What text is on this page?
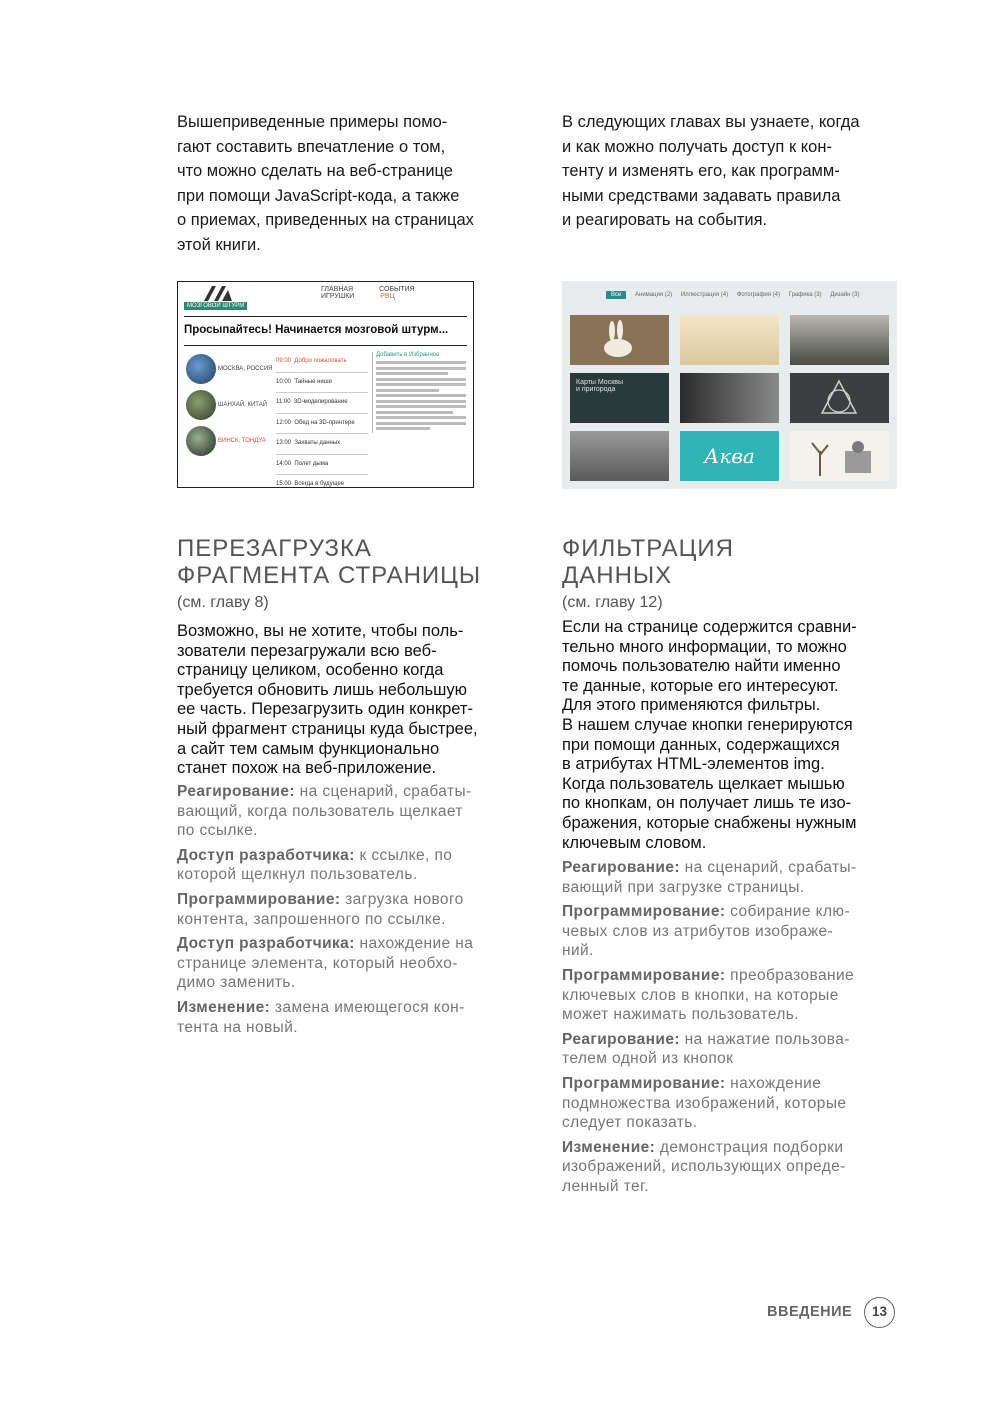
Вышеприведенные примеры помо-
гают составить впечатление о том,
что можно сделать на веб-странице
при помощи JavaScript-кода, а также
о приемах, приведенных на страницах
этой книги.
В следующих главах вы узнаете, когда
и как можно получать доступ к кон-
тенту и изменять его, как программ-
ными средствами задавать правила
и реагировать на события.
МОЗГОВОЙ ШТУРМ
ГЛАВНАЯ	СОБЫТИЯ ИГРУШКИ	РВЦ
Просыпайтесь! Начинается мозговой штурм...
МОСКВА, РОССИЯ
ШАНХАЙ, КИТАЙ
ВИНСК, ТОНДУА
09:00 Добро пожаловать
10:00 Тайные ниши
11:00 3D-моделирование
12:00 Обед на 3D-принтере
13:00 Захваты данных
14:00 Полет дыма
15:00 Всегда в будущее
Добавить в Избранное
Все Анимация (2) Иллюстрация (4) Фотография (4) Графика (3) Дизайн (3)
Карты Москвы
и пригорода
Аква
ПЕРЕЗАГРУЗКА
ФРАГМЕНТА СТРАНИЦЫ

(см. главу 8)

Возможно, вы не хотите, чтобы поль-
зователи перезагружали всю веб-
страницу целиком, особенно когда
требуется обновить лишь небольшую
ее часть. Перезагрузить один конкрет-
ный фрагмент страницы куда быстрее,
а сайт тем самым функционально
станет похож на веб-приложение.

Реагирование: на сценарий, срабаты-
вающий, когда пользователь щелкает
по ссылке.

Доступ разработчика: к ссылке, по
которой щелкнул пользователь.

Программирование: загрузка нового
контента, запрошенного по ссылке.

Доступ разработчика: нахождение на
странице элемента, который необхо-
димо заменить.

Изменение: замена имеющегося кон-
тента на новый.

ФИЛЬТРАЦИЯ
ДАННЫХ

(см. главу 12)

Если на странице содержится сравни-
тельно много информации, то можно
помочь пользователю найти именно
те данные, которые его интересуют.
Для этого применяются фильтры.
В нашем случае кнопки генерируются
при помощи данных, содержащихся
в атрибутах HTML-элементов img.
Когда пользователь щелкает мышью
по кнопкам, он получает лишь те изо-
бражения, которые снабжены нужным
ключевым словом.

Реагирование: на сценарий, срабаты-
вающий при загрузке страницы.

Программирование: собирание клю-
чевых слов из атрибутов изображе-
ний.

Программирование: преобразование
ключевых слов в кнопки, на которые
может нажимать пользователь.

Реагирование: на нажатие пользова-
телем одной из кнопок

Программирование: нахождение
подмножества изображений, которые
следует показать.

Изменение: демонстрация подборки
изображений, использующих опреде-
ленный тег.

ВВЕДЕНИЕ	13
